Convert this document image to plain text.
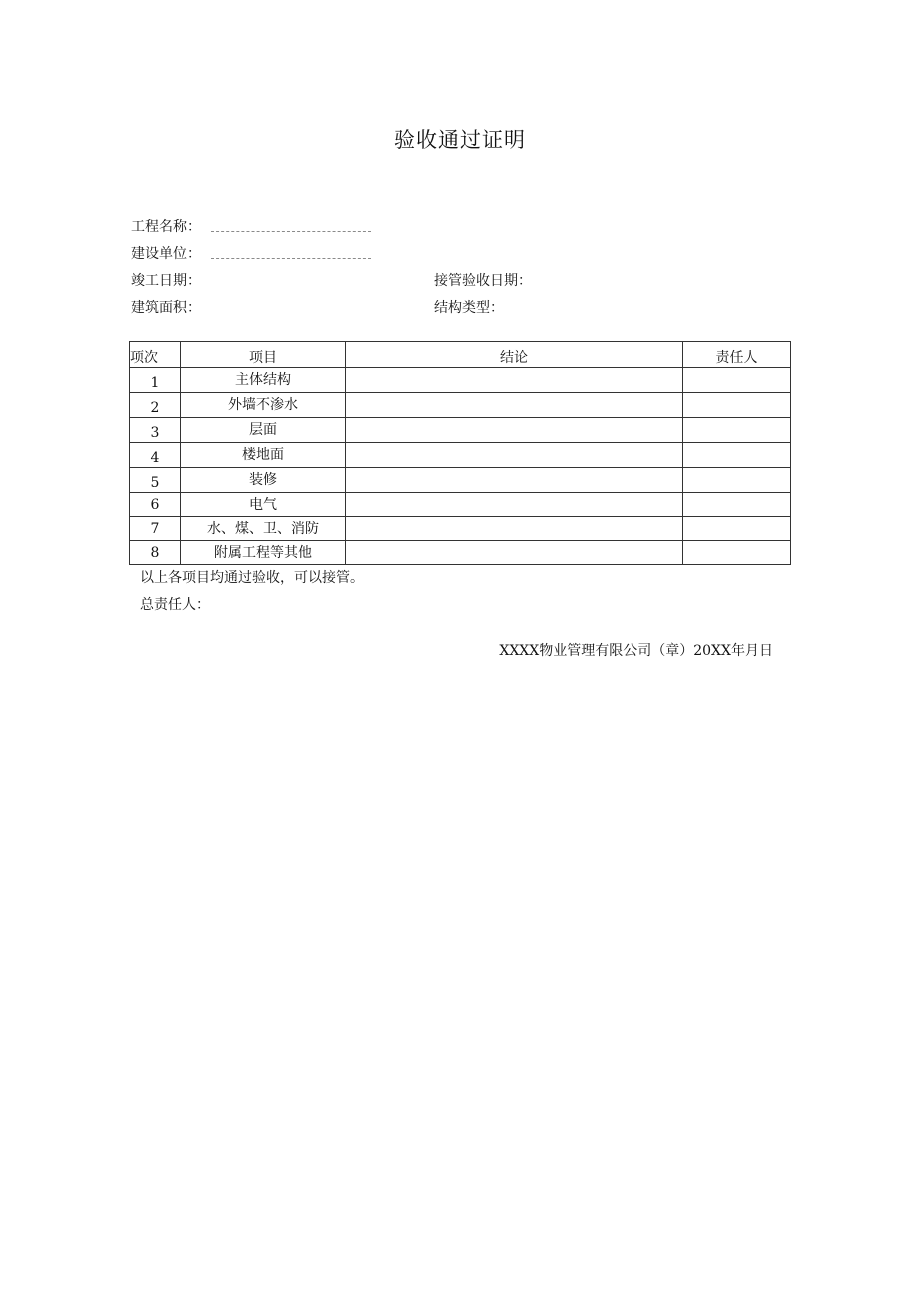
验收通过证明
工程名称：
建设单位：
竣工日期：	接管验收日期：
建筑面积：	结构类型：
项次	项目	结论	责任人
1	主体结构		
2	外墙不渗水		
3	层面		
4	楼地面		
5	装修		
6	电气		
7	水、煤、卫、消防		
8	附属工程等其他		
以上各项目均通过验收，可以接管。
总责任人：
XXXX物业管理有限公司（章）20XX年月日
